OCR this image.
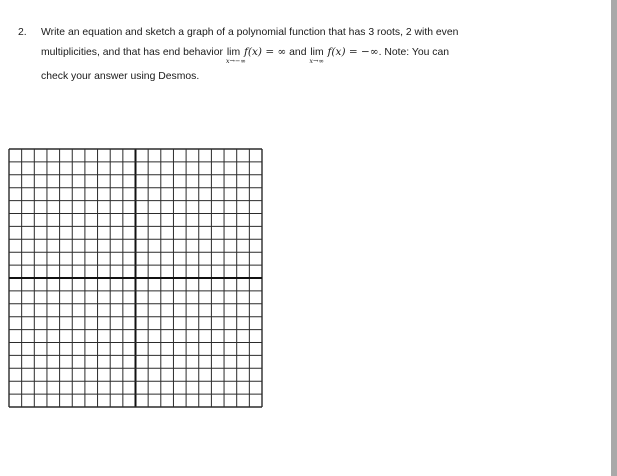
2. Write an equation and sketch a graph of a polynomial function that has 3 roots, 2 with even
multiplicities, and that has end behavior lim
x→−∞
f(x) = ∞ and lim
x→∞
f(x) = −∞. Note: You can
check your answer using Desmos.
